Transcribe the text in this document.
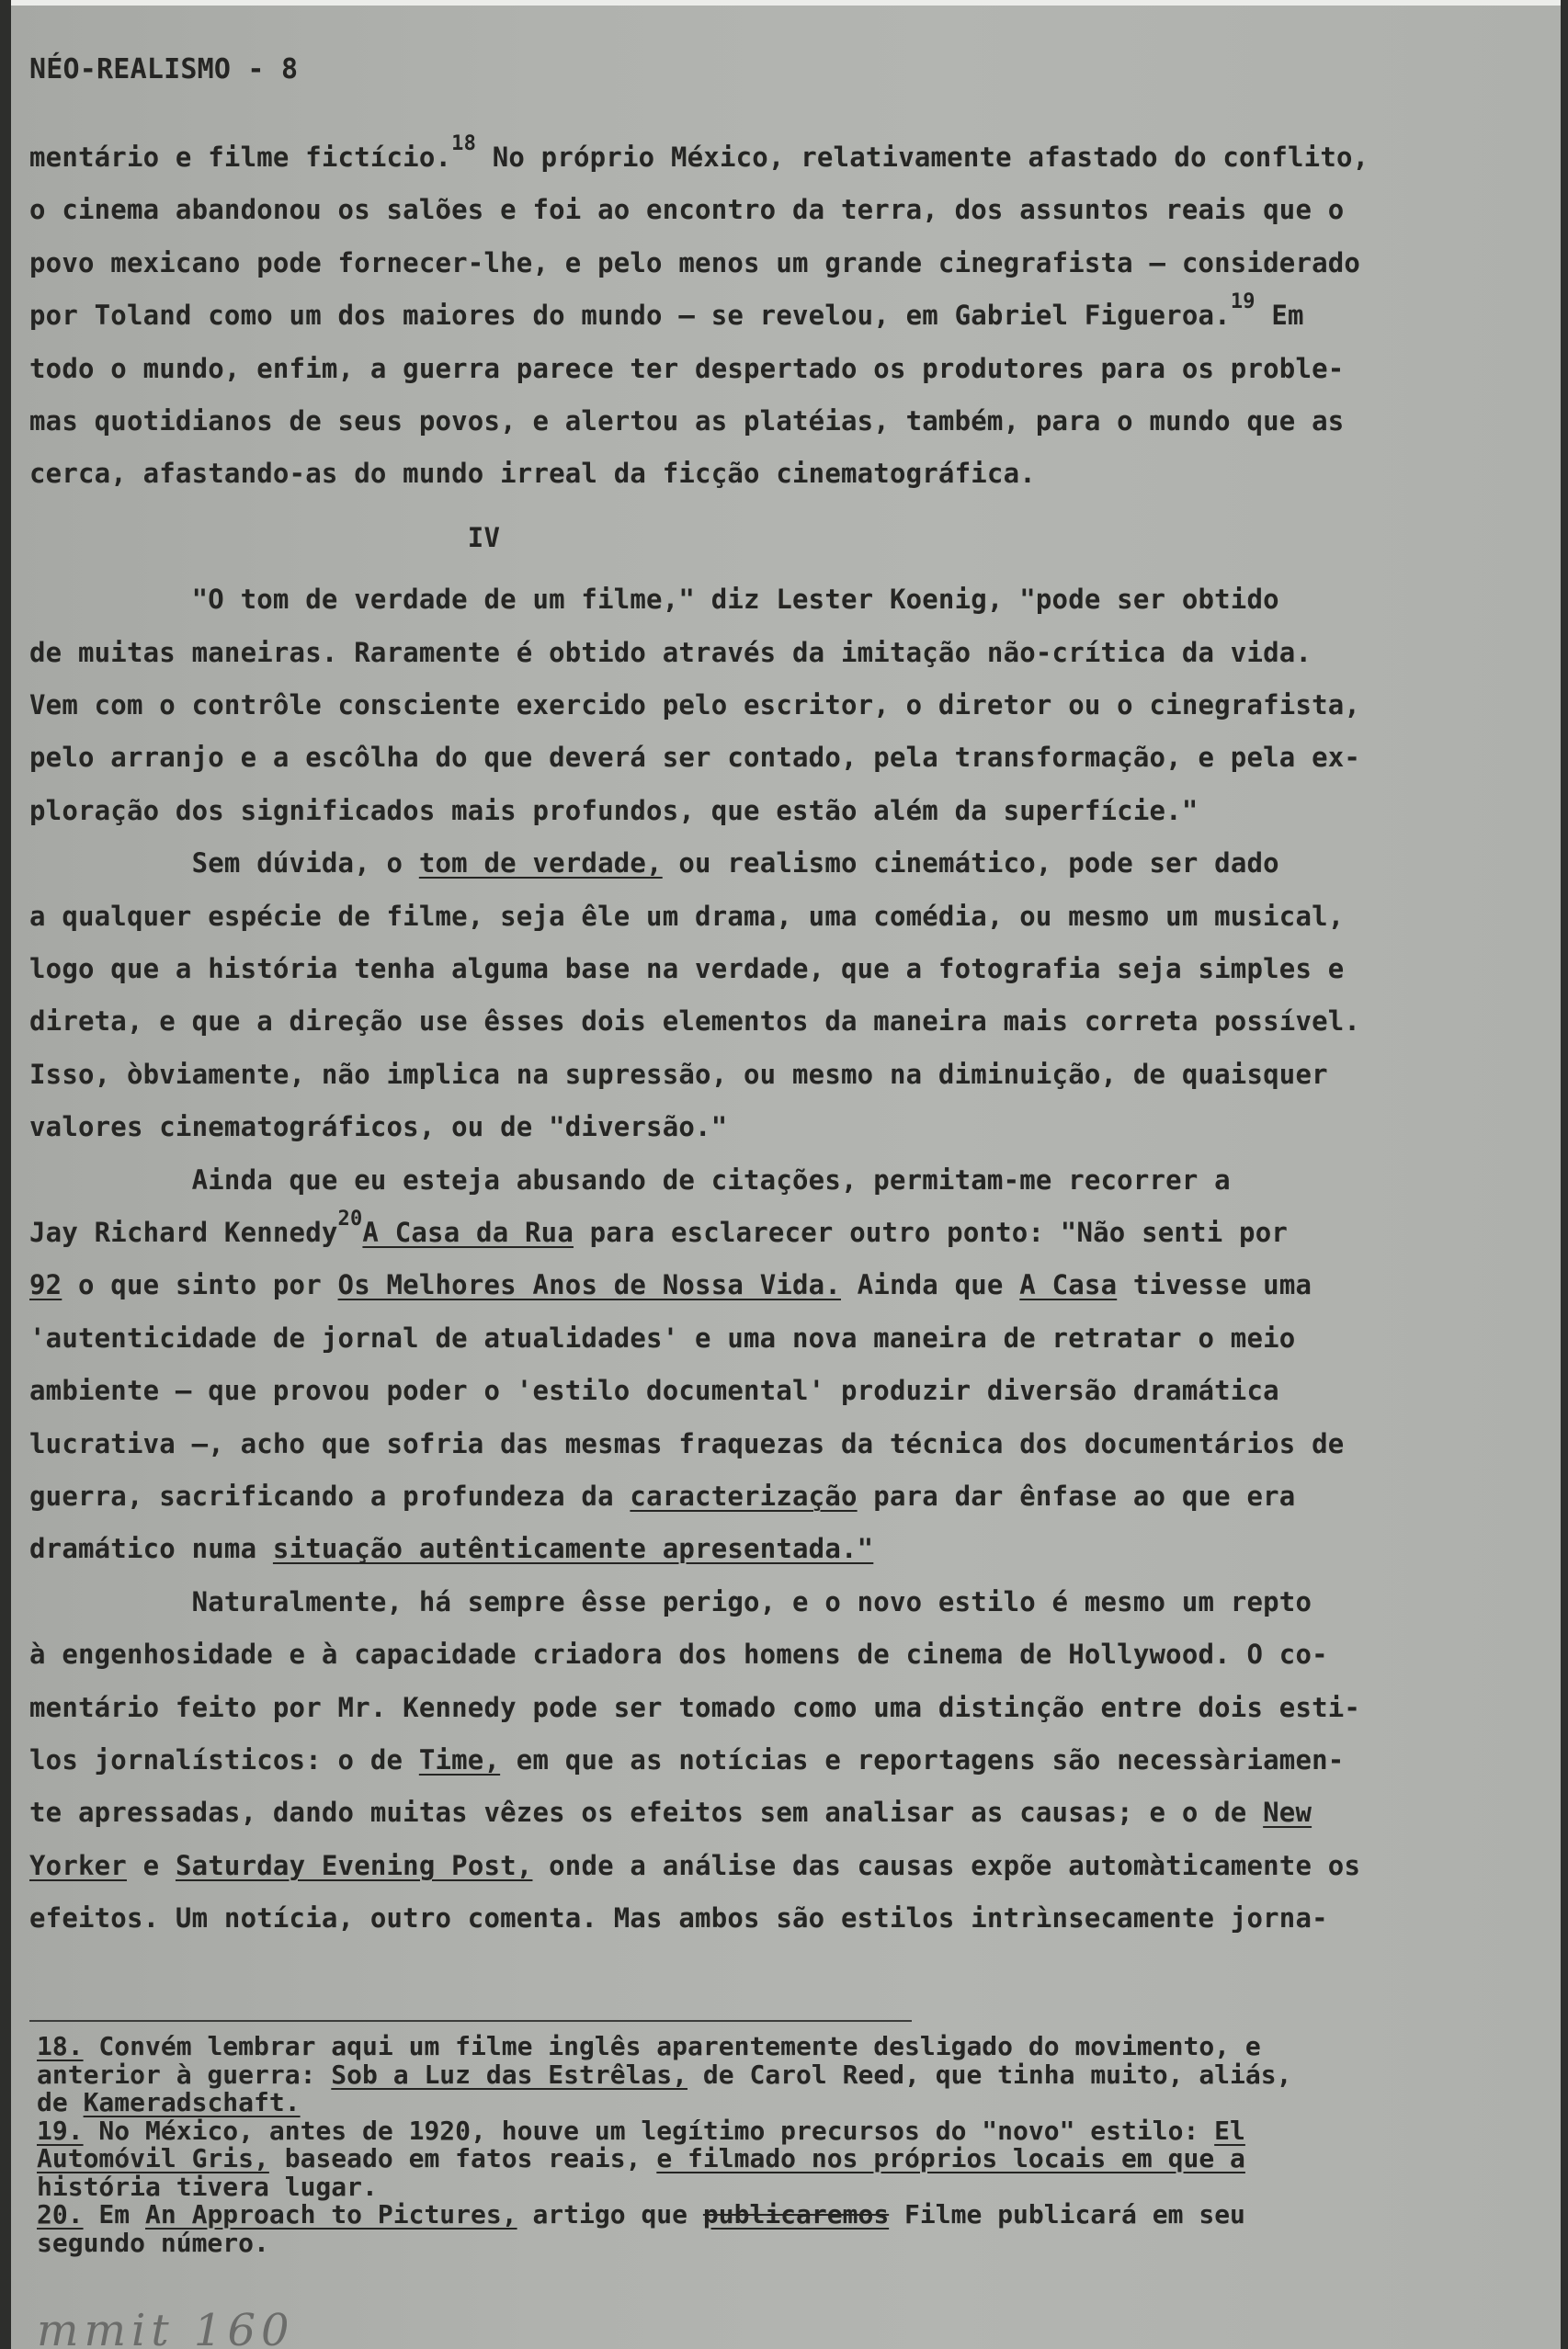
NÉO-REALISMO - 8
mentário e filme fictício.$^{18}$ No próprio México, relativamente afastado do conflito,
o cinema abandonou os salões e foi ao encontro da terra, dos assuntos reais que o
povo mexicano pode fornecer-lhe, e pelo menos um grande cinegrafista — considerado
por Toland como um dos maiores do mundo — se revelou, em Gabriel Figueroa.$^{19}$ Em
todo o mundo, enfim, a guerra parece ter despertado os produtores para os proble-
mas quotidianos de seus povos, e alertou as platéias, também, para o mundo que as
cerca, afastando-as do mundo irreal da ficção cinematográfica.
IV
"O tom de verdade de um filme," diz Lester Koenig, "pode ser obtido
de muitas maneiras. Raramente é obtido através da imitação não-crítica da vida.
Vem com o contrôle consciente exercido pelo escritor, o diretor ou o cinegrafista,
pelo arranjo e a escôlha do que deverá ser contado, pela transformação, e pela ex-
ploração dos significados mais profundos, que estão além da superfície."
Sem dúvida, o tom de verdade, ou realismo cinemático, pode ser dado
a qualquer espécie de filme, seja êle um drama, uma comédia, ou mesmo um musical,
logo que a história tenha alguma base na verdade, que a fotografia seja simples e
direta, e que a direção use êsses dois elementos da maneira mais correta possível.
Isso, òbviamente, não implica na supressão, ou mesmo na diminuição, de quaisquer
valores cinematográficos, ou de "diversão."
Ainda que eu esteja abusando de citações, permitam-me recorrer a
Jay Richard Kennedy$^{20}$A Casa da Rua para esclarecer outro ponto: "Não senti por
92 o que sinto por Os Melhores Anos de Nossa Vida. Ainda que A Casa tivesse uma
'autenticidade de jornal de atualidades' e uma nova maneira de retratar o meio
ambiente — que provou poder o 'estilo documental' produzir diversão dramática
lucrativa —, acho que sofria das mesmas fraquezas da técnica dos documentários de
guerra, sacrificando a profundeza da caracterização para dar ênfase ao que era
dramático numa situação autênticamente apresentada."
Naturalmente, há sempre êsse perigo, e o novo estilo é mesmo um repto
à engenhosidade e à capacidade criadora dos homens de cinema de Hollywood. O co-
mentário feito por Mr. Kennedy pode ser tomado como uma distinção entre dois esti-
los jornalísticos: o de Time, em que as notícias e reportagens são necessàriamen-
te apressadas, dando muitas vêzes os efeitos sem analisar as causas; e o de New
Yorker e Saturday Evening Post, onde a análise das causas expõe automàticamente os
efeitos. Um notícia, outro comenta. Mas ambos são estilos intrìnsecamente jorna-
18. Convém lembrar aqui um filme inglês aparentemente desligado do movimento, e
anterior à guerra: Sob a Luz das Estrêlas, de Carol Reed, que tinha muito, aliás,
de Kameradschaft.
19. No México, antes de 1920, houve um legítimo precursos do "novo" estilo: El
Automóvil Gris, baseado em fatos reais, e filmado nos próprios locais em que a
história tivera lugar.
20. Em An Approach to Pictures, artigo que publicaremos Filme publicará em seu
segundo número.
mmit 160
